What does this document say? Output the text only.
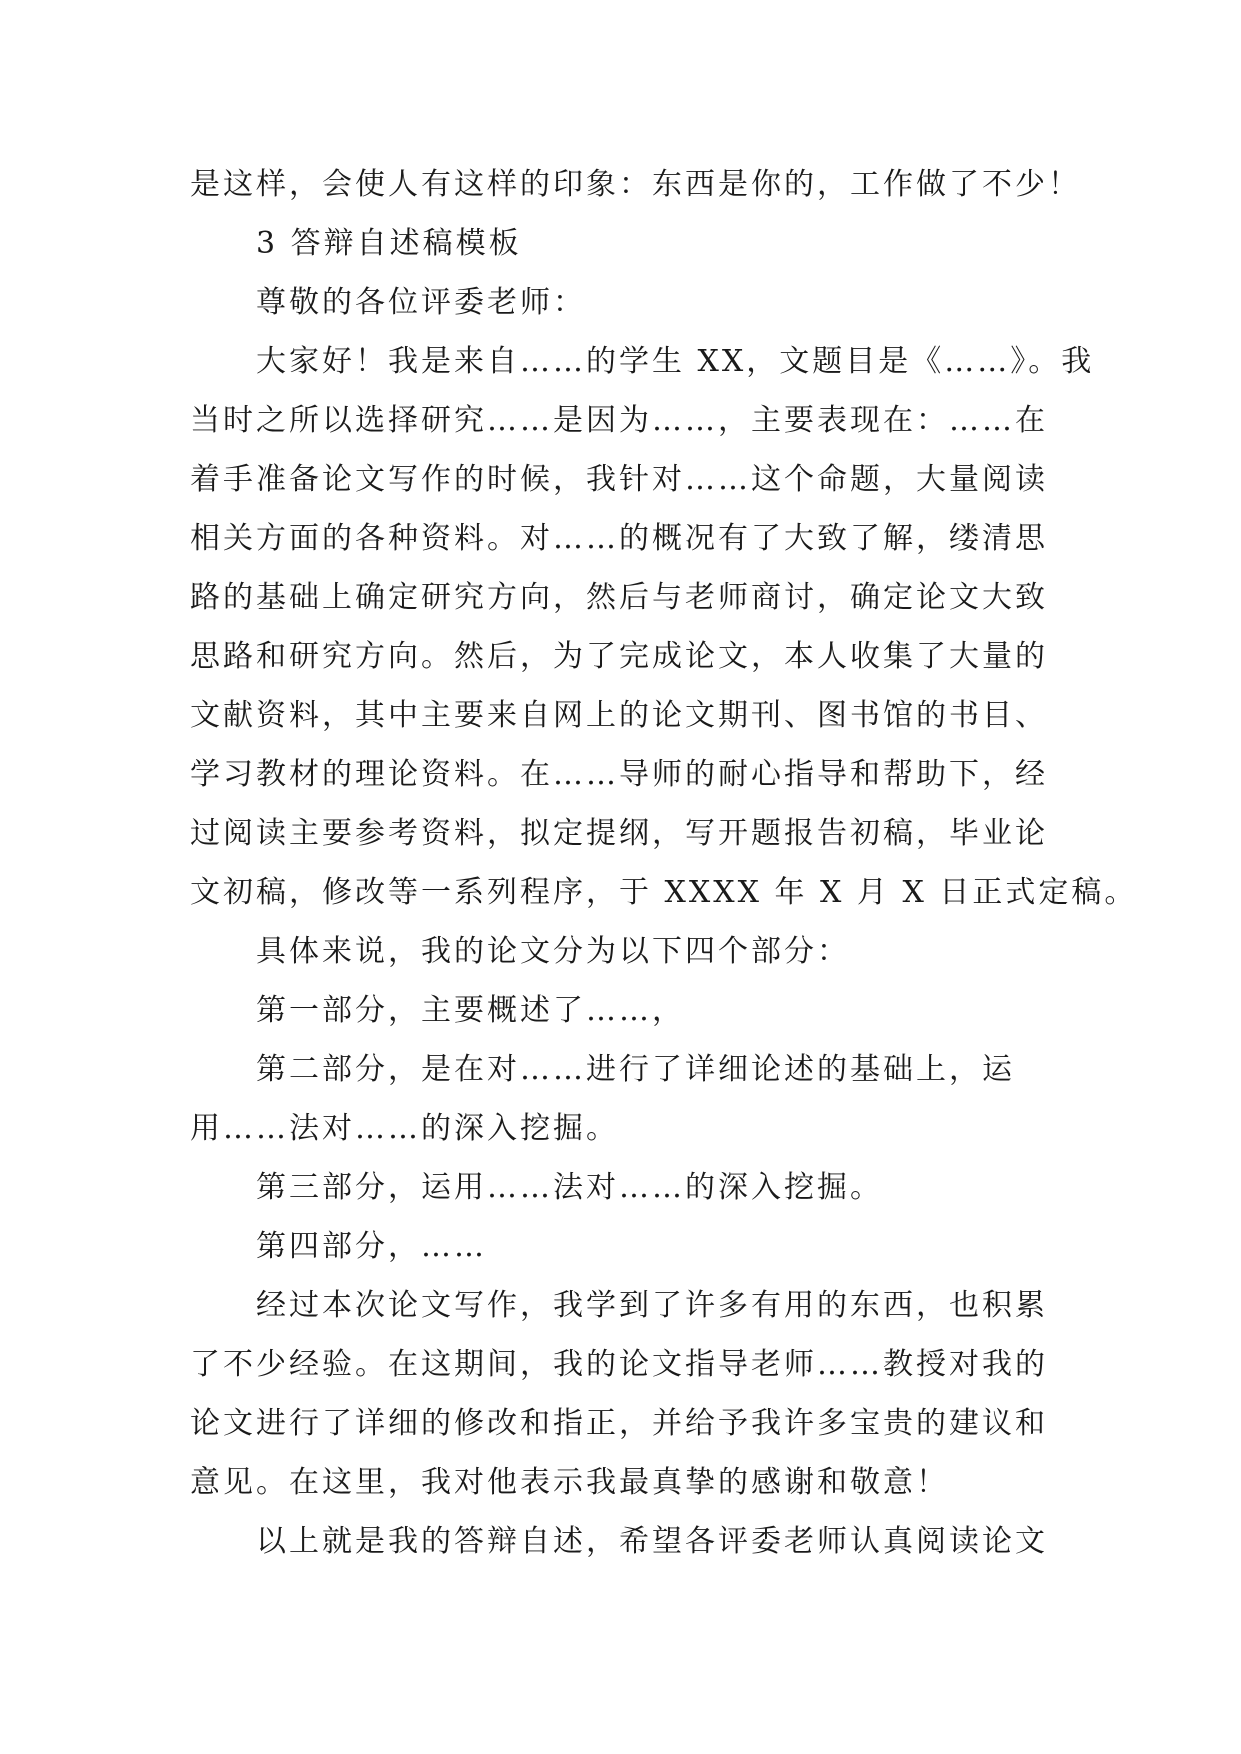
是这样，会使人有这样的印象：东西是你的，工作做了不少！
3 答辩自述稿模板
尊敬的各位评委老师：
大家好！我是来自……的学生 XX，文题目是《……》。我
当时之所以选择研究……是因为……，主要表现在：……在
着手准备论文写作的时候，我针对……这个命题，大量阅读
相关方面的各种资料。对……的概况有了大致了解，缕清思
路的基础上确定研究方向，然后与老师商讨，确定论文大致
思路和研究方向。然后，为了完成论文，本人收集了大量的
文献资料，其中主要来自网上的论文期刊、图书馆的书目、
学习教材的理论资料。在……导师的耐心指导和帮助下，经
过阅读主要参考资料，拟定提纲，写开题报告初稿，毕业论
文初稿，修改等一系列程序，于 XXXX 年 X 月 X 日正式定稿。
具体来说，我的论文分为以下四个部分：
第一部分，主要概述了……，
第二部分，是在对……进行了详细论述的基础上，运
用……法对……的深入挖掘。
第三部分，运用……法对……的深入挖掘。
第四部分，……
经过本次论文写作，我学到了许多有用的东西，也积累
了不少经验。在这期间，我的论文指导老师……教授对我的
论文进行了详细的修改和指正，并给予我许多宝贵的建议和
意见。在这里，我对他表示我最真挚的感谢和敬意！
以上就是我的答辩自述，希望各评委老师认真阅读论文
